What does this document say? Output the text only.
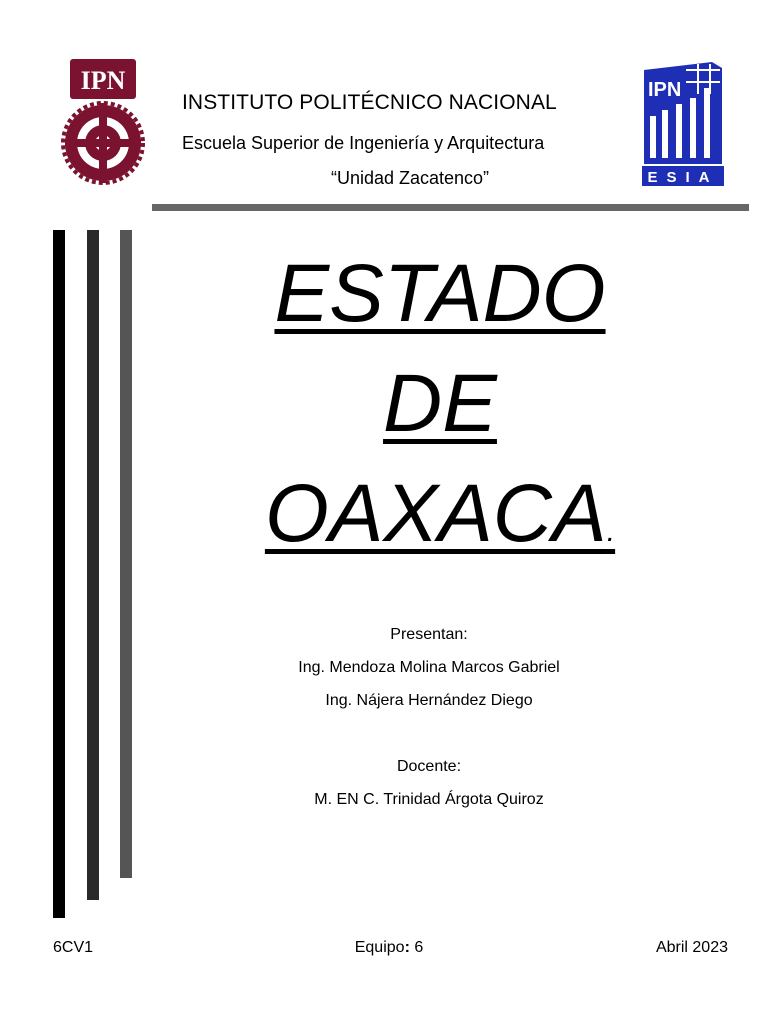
IPN	IPN
ESIA
INSTITUTO POLITÉCNICO NACIONAL
Escuela Superior de Ingeniería y Arquitectura
“Unidad Zacatenco”
ESTADO
DE
OAXACA.
Presentan:
Ing. Mendoza Molina Marcos Gabriel
Ing. Nájera Hernández Diego
Docente:
M. EN C. Trinidad Árgota Quiroz
6CV1	Equipo: 6	Abril 2023
